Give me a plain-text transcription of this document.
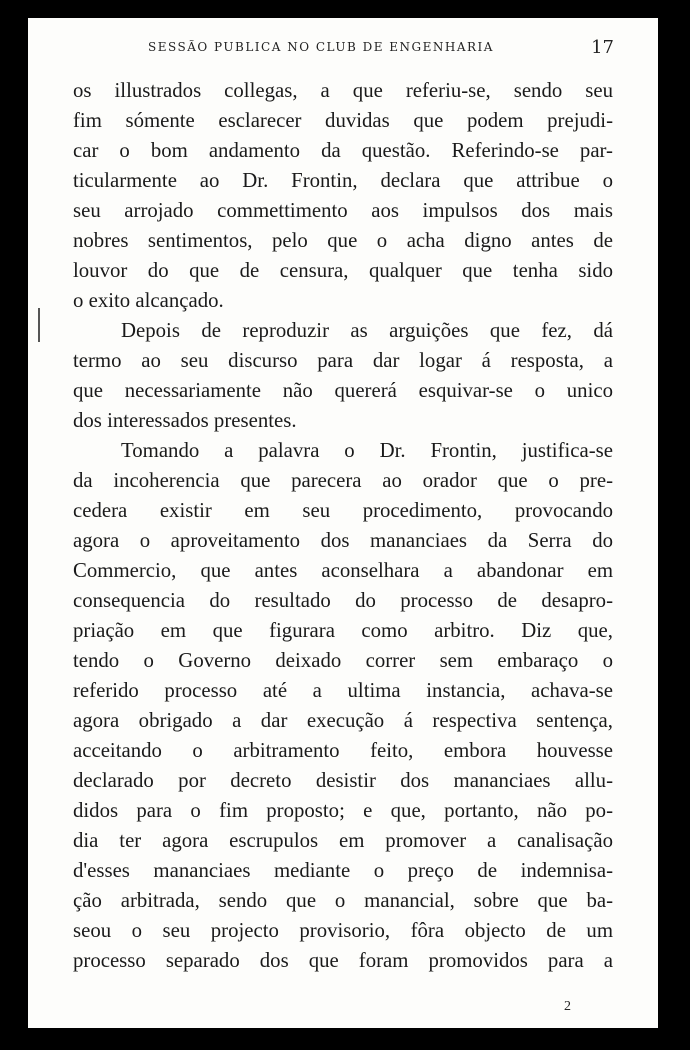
SESSÃO PUBLICA NO CLUB DE ENGENHARIA	17
os illustrados collegas, a que referiu-se, sendo seu
fim sómente esclarecer duvidas que podem prejudi-
car o bom andamento da questão. Referindo-se par-
ticularmente ao Dr. Frontin, declara que attribue o
seu arrojado commettimento aos impulsos dos mais
nobres sentimentos, pelo que o acha digno antes de
louvor do que de censura, qualquer que tenha sido
o exito alcançado.
Depois de reproduzir as arguições que fez, dá
termo ao seu discurso para dar logar á resposta, a
que necessariamente não quererá esquivar-se o unico
dos interessados presentes.
Tomando a palavra o Dr. Frontin, justifica-se
da incoherencia que parecera ao orador que o pre-
cedera existir em seu procedimento, provocando
agora o aproveitamento dos mananciaes da Serra do
Commercio, que antes aconselhara a abandonar em
consequencia do resultado do processo de desapro-
priação em que figurara como arbitro. Diz que,
tendo o Governo deixado correr sem embaraço o
referido processo até a ultima instancia, achava-se
agora obrigado a dar execução á respectiva sentença,
acceitando o arbitramento feito, embora houvesse
declarado por decreto desistir dos mananciaes allu-
didos para o fim proposto; e que, portanto, não po-
dia ter agora escrupulos em promover a canalisação
d'esses mananciaes mediante o preço de indemnisa-
ção arbitrada, sendo que o manancial, sobre que ba-
seou o seu projecto provisorio, fôra objecto de um
processo separado dos que foram promovidos para a
2
